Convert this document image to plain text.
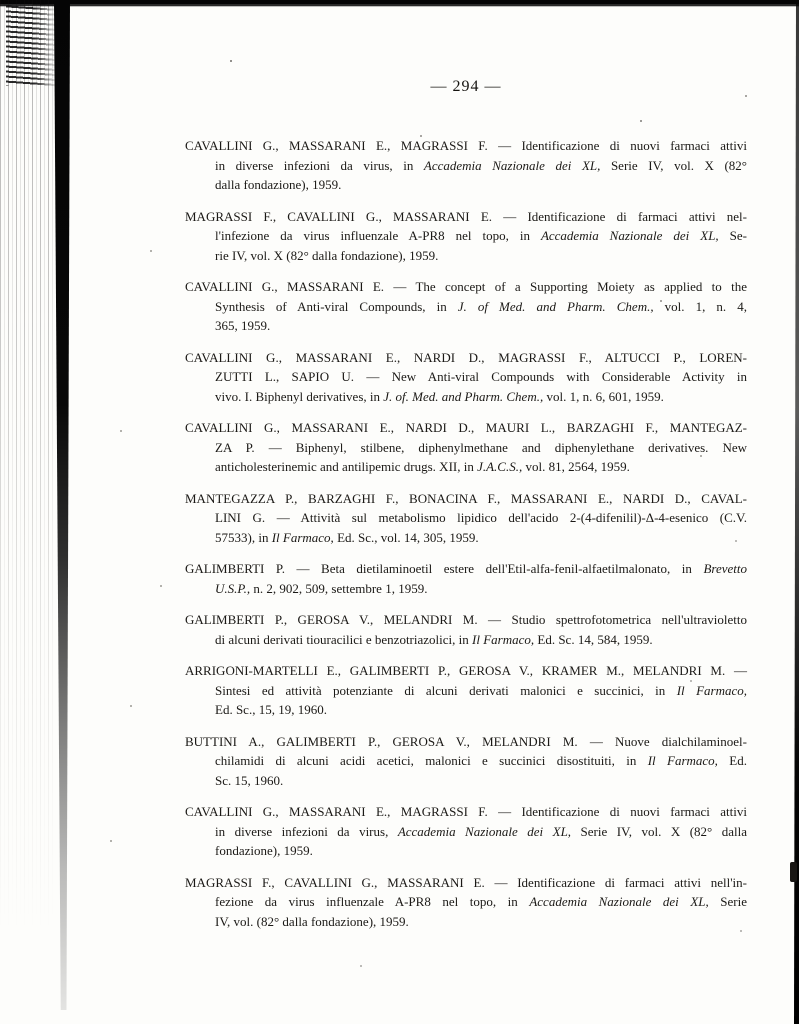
— 294 —
CAVALLINI G., MASSARANI E., MAGRASSI F. — Identificazione di nuovi farmaci attivi
in diverse infezioni da virus, in Accademia Nazionale dei XL, Serie IV, vol. X (82°
dalla fondazione), 1959.
MAGRASSI F., CAVALLINI G., MASSARANI E. — Identificazione di farmaci attivi nel-
l'infezione da virus influenzale A-PR8 nel topo, in Accademia Nazionale dei XL, Se-
rie IV, vol. X (82° dalla fondazione), 1959.
CAVALLINI G., MASSARANI E. — The concept of a Supporting Moiety as applied to the
Synthesis of Anti-viral Compounds, in J. of Med. and Pharm. Chem., vol. 1, n. 4,
365, 1959.
CAVALLINI G., MASSARANI E., NARDI D., MAGRASSI F., ALTUCCI P., LOREN-
ZUTTI L., SAPIO U. — New Anti-viral Compounds with Considerable Activity in
vivo. I. Biphenyl derivatives, in J. of. Med. and Pharm. Chem., vol. 1, n. 6, 601, 1959.
CAVALLINI G., MASSARANI E., NARDI D., MAURI L., BARZAGHI F., MANTEGAZ-
ZA P. — Biphenyl, stilbene, diphenylmethane and diphenylethane derivatives. New
anticholesterinemic and antilipemic drugs. XII, in J.A.C.S., vol. 81, 2564, 1959.
MANTEGAZZA P., BARZAGHI F., BONACINA F., MASSARANI E., NARDI D., CAVAL-
LINI G. — Attività sul metabolismo lipidico dell'acido 2-(4-difenilil)-Δ-4-esenico (C.V.
57533), in Il Farmaco, Ed. Sc., vol. 14, 305, 1959.
GALIMBERTI P. — Beta dietilaminoetil estere dell'Etil-alfa-fenil-alfaetilmalonato, in Brevetto
U.S.P., n. 2, 902, 509, settembre 1, 1959.
GALIMBERTI P., GEROSA V., MELANDRI M. — Studio spettrofotometrica nell'ultravioletto
di alcuni derivati tiouracilici e benzotriazolici, in Il Farmaco, Ed. Sc. 14, 584, 1959.
ARRIGONI-MARTELLI E., GALIMBERTI P., GEROSA V., KRAMER M., MELANDRI M. —
Sintesi ed attività potenziante di alcuni derivati malonici e succinici, in Il Farmaco,
Ed. Sc., 15, 19, 1960.
BUTTINI A., GALIMBERTI P., GEROSA V., MELANDRI M. — Nuove dialchilaminoel-
chilamidi di alcuni acidi acetici, malonici e succinici disostituiti, in Il Farmaco, Ed.
Sc. 15, 1960.
CAVALLINI G., MASSARANI E., MAGRASSI F. — Identificazione di nuovi farmaci attivi
in diverse infezioni da virus, Accademia Nazionale dei XL, Serie IV, vol. X (82° dalla
fondazione), 1959.
MAGRASSI F., CAVALLINI G., MASSARANI E. — Identificazione di farmaci attivi nell'in-
fezione da virus influenzale A-PR8 nel topo, in Accademia Nazionale dei XL, Serie
IV, vol. (82° dalla fondazione), 1959.
